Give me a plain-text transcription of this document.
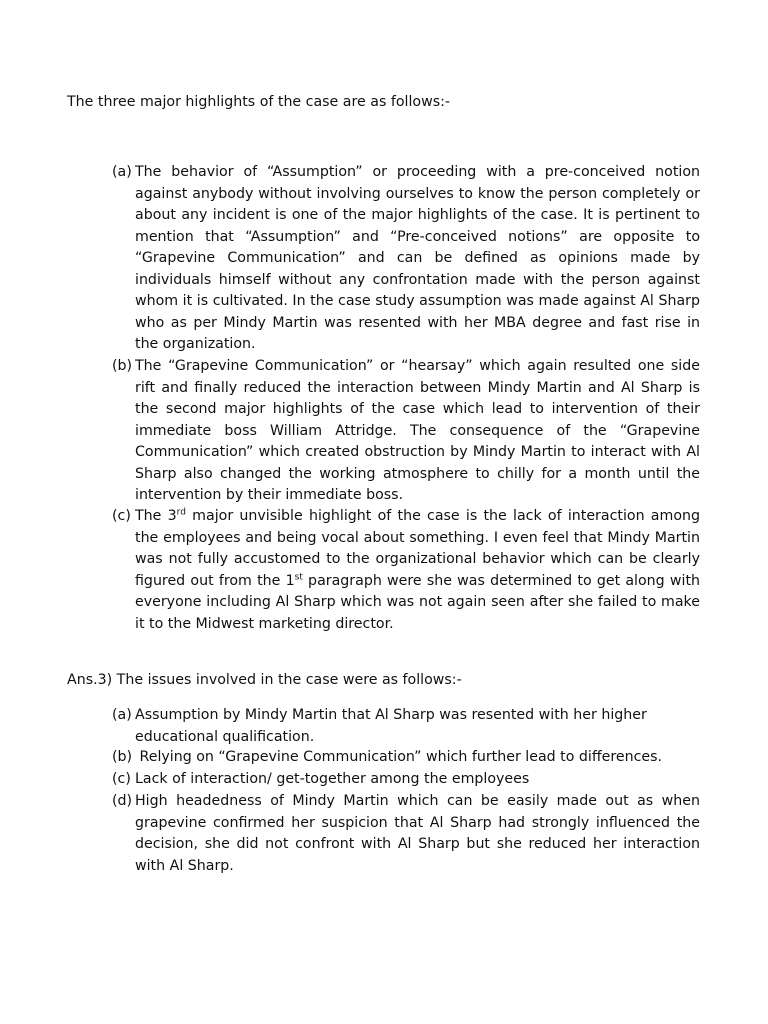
The three major highlights of the case are as follows:-
(a) The behavior of “Assumption” or proceeding with a pre-conceived notion against anybody without involving ourselves to know the person completely or about any incident is one of the major highlights of the case. It is pertinent to mention that “Assumption” and “Pre-conceived notions” are opposite to “Grapevine Communication” and can be defined as opinions made by individuals himself without any confrontation made with the person against whom it is cultivated. In the case study assumption was made against Al Sharp who as per Mindy Martin was resented with her MBA degree and fast rise in the organization.
(b) The “Grapevine Communication” or “hearsay” which again resulted one side rift and finally reduced the interaction between Mindy Martin and Al Sharp is the second major highlights of the case which lead to intervention of their immediate boss William Attridge. The consequence of the “Grapevine Communication” which created obstruction by Mindy Martin to interact with Al Sharp also changed the working atmosphere to chilly for a month until the intervention by their immediate boss.
(c) The 3rd major unvisible highlight of the case is the lack of interaction among the employees and being vocal about something. I even feel that Mindy Martin was not fully accustomed to the organizational behavior which can be clearly figured out from the 1st paragraph were she was determined to get along with everyone including Al Sharp which was not again seen after she failed to make it to the Midwest marketing director.
Ans.3) The issues involved in the case were as follows:-
(a) Assumption by Mindy Martin that Al Sharp was resented with her higher educational qualification.
(b) Relying on “Grapevine Communication” which further lead to differences.
(c) Lack of interaction/ get-together among the employees
(d) High headedness of Mindy Martin which can be easily made out as when grapevine confirmed her suspicion that Al Sharp had strongly influenced the decision, she did not confront with Al Sharp but she reduced her interaction with Al Sharp.
